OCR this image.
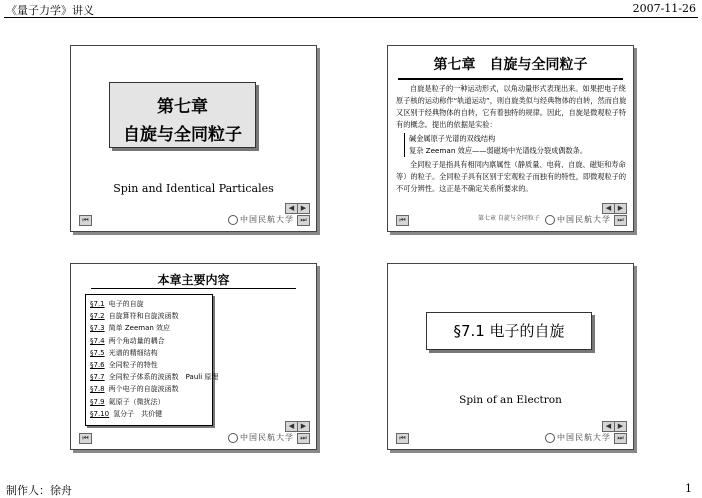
《量子力学》讲义	2007-11-26
第七章
自旋与全同粒子
Spin and Identical Particales
⏮
◀ ▶
⏭
中国民航大学
第七章　自旋与全同粒子

自旋是粒子的一种运动形式，以角动量形式表现出来。如果把电子绕原子核的运动称作“轨道运动”，则自旋类似与经典物体的自转，然而自旋又区别于经典物体的自转，它有着独特的规律。因此，自旋是微观粒子特有的概念。提出的依据是实验：

碱金属原子光谱的双线结构
复杂 Zeeman 效应——弱磁场中光谱线分裂成偶数条。

全同粒子是指具有相同内禀属性（静质量、电荷、自旋、磁矩和寿命等）的粒子。全同粒子具有区别于宏观粒子而独有的特性，即微观粒子的不可分辨性。这正是不确定关系所要求的。

第七章 自旋与全同粒子
⏮
◀ ▶
⏭
中国民航大学
本章主要内容
§7.1 电子的自旋
§7.2 自旋算符和自旋波函数
§7.3 简单 Zeeman 效应
§7.4 两个角动量的耦合
§7.5 光谱的精细结构
§7.6 全同粒子的特性
§7.7 全同粒子体系的波函数　Pauli 原理
§7.8 两个电子的自旋波函数
§7.9 氦原子（微扰法）
§7.10 氢分子　共价键
⏮
◀ ▶
⏭
中国民航大学
§7.1 电子的自旋
Spin of an Electron
⏮
◀ ▶
⏭
中国民航大学
制作人：徐舟	1
